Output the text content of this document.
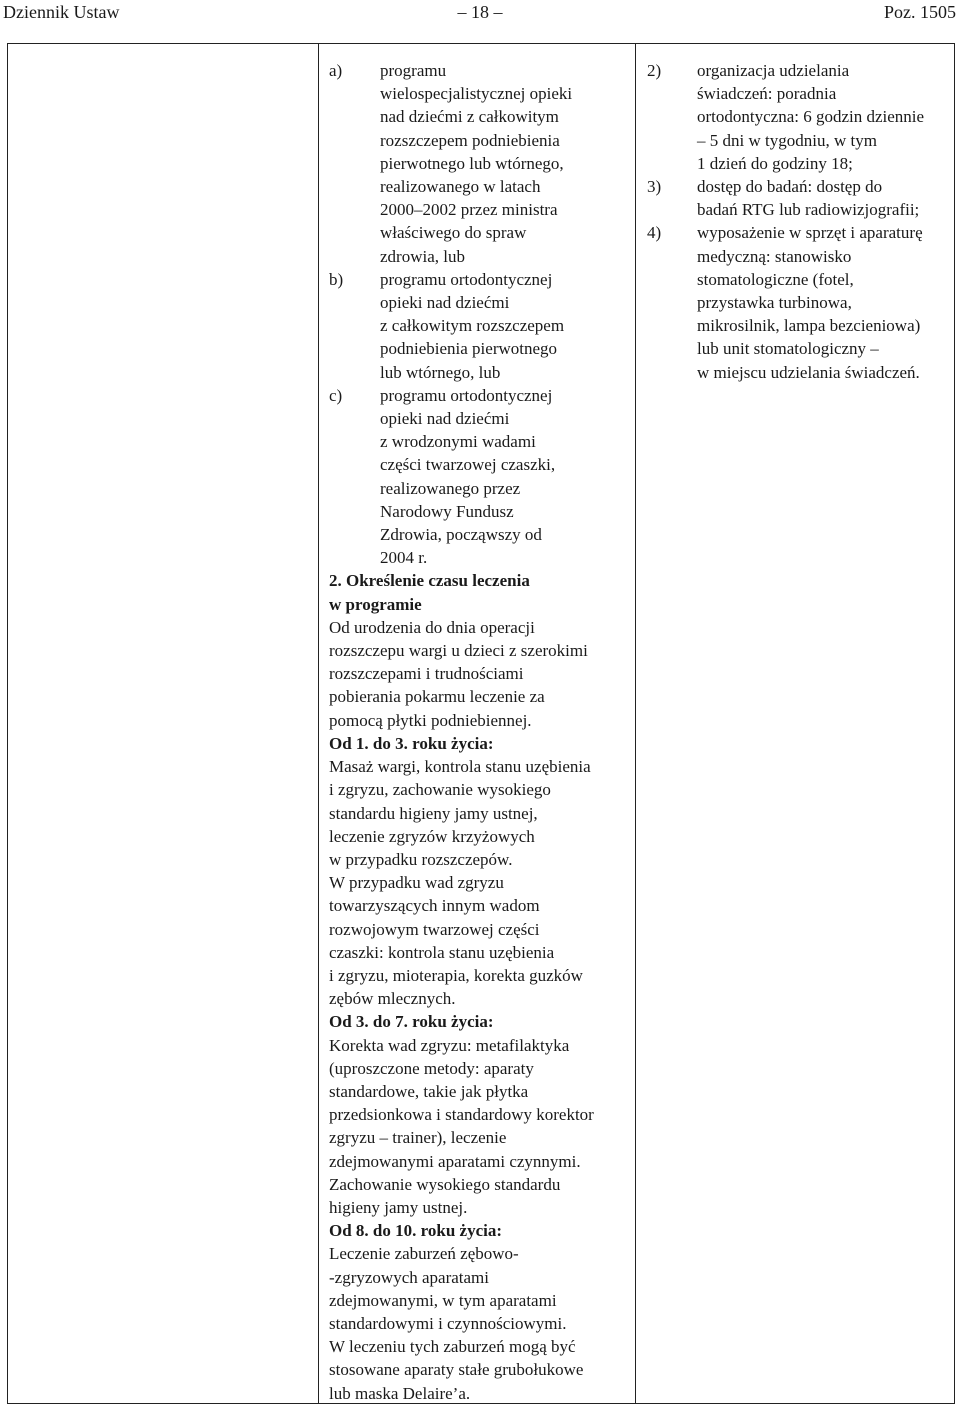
Dziennik Ustaw	– 18 –	Poz. 1505
a) programu
wielospecjalistycznej opieki
nad dziećmi z całkowitym
rozszczepem podniebienia
pierwotnego lub wtórnego,
realizowanego w latach
2000–2002 przez ministra
właściwego do spraw
zdrowia, lub
b) programu ortodontycznej
opieki nad dziećmi
z całkowitym rozszczepem
podniebienia pierwotnego
lub wtórnego, lub
c) programu ortodontycznej
opieki nad dziećmi
z wrodzonymi wadami
części twarzowej czaszki,
realizowanego przez
Narodowy Fundusz
Zdrowia, począwszy od
2004 r.
2. Określenie czasu leczenia
w programie
Od urodzenia do dnia operacji
rozszczepu wargi u dzieci z szerokimi
rozszczepami i trudnościami
pobierania pokarmu leczenie za
pomocą płytki podniebiennej.
Od 1. do 3. roku życia:
Masaż wargi, kontrola stanu uzębienia
i zgryzu, zachowanie wysokiego
standardu higieny jamy ustnej,
leczenie zgryzów krzyżowych
w przypadku rozszczepów.
W przypadku wad zgryzu
towarzyszących innym wadom
rozwojowym twarzowej części
czaszki: kontrola stanu uzębienia
i zgryzu, mioterapia, korekta guzków
zębów mlecznych.
Od 3. do 7. roku życia:
Korekta wad zgryzu: metafilaktyka
(uproszczone metody: aparaty
standardowe, takie jak płytka
przedsionkowa i standardowy korektor
zgryzu – trainer), leczenie
zdejmowanymi aparatami czynnymi.
Zachowanie wysokiego standardu
higieny jamy ustnej.
Od 8. do 10. roku życia:
Leczenie zaburzeń zębowo-
-zgryzowych aparatami
zdejmowanymi, w tym aparatami
standardowymi i czynnościowymi.
W leczeniu tych zaburzeń mogą być
stosowane aparaty stałe grubołukowe
lub maska Delaire’a.
2) organizacja udzielania
świadczeń: poradnia
ortodontyczna: 6 godzin dziennie
– 5 dni w tygodniu, w tym
1 dzień do godziny 18;
3) dostęp do badań: dostęp do
badań RTG lub radiowizjografii;
4) wyposażenie w sprzęt i aparaturę
medyczną: stanowisko
stomatologiczne (fotel,
przystawka turbinowa,
mikrosilnik, lampa bezcieniowa)
lub unit stomatologiczny –
w miejscu udzielania świadczeń.
